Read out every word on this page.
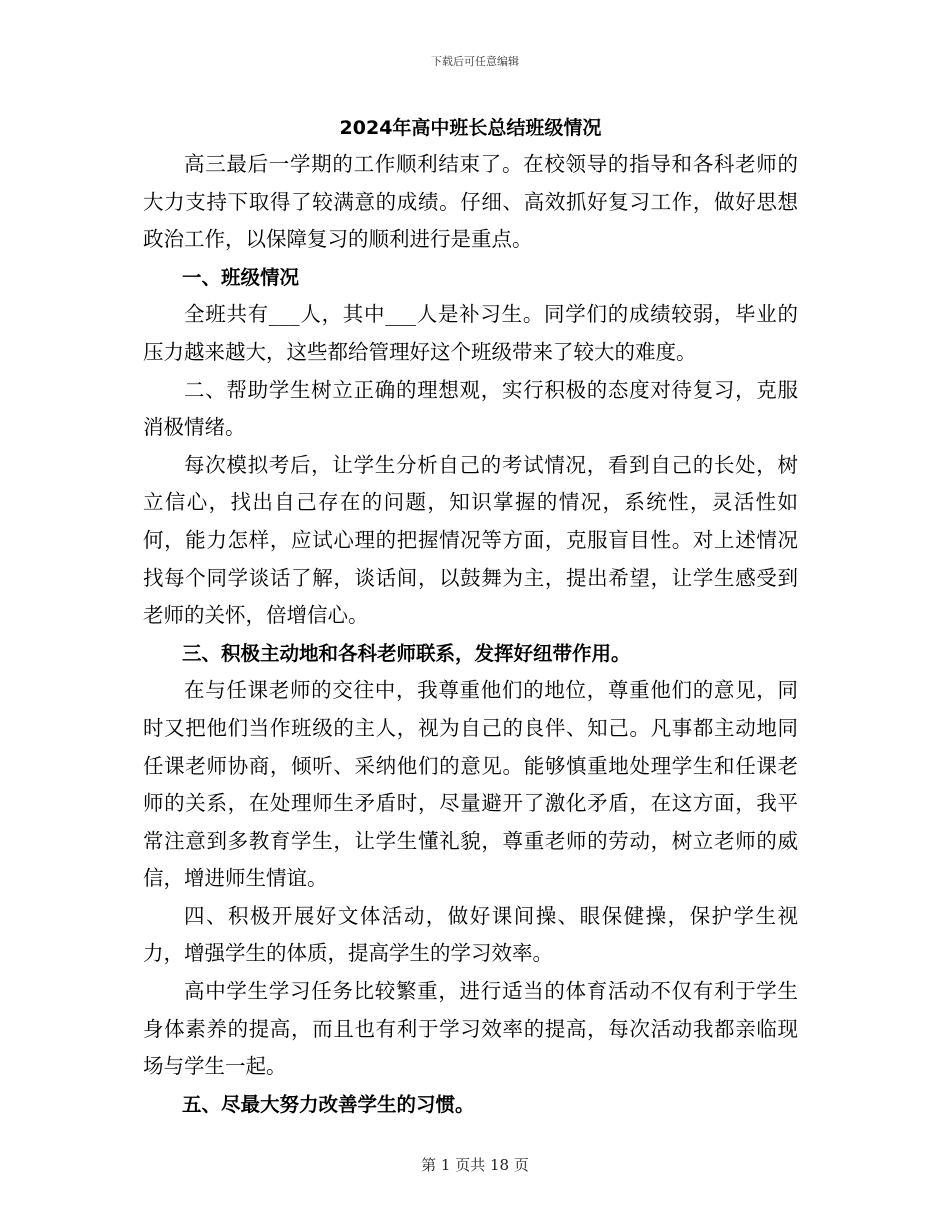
下载后可任意编辑
2024年高中班长总结班级情况

高三最后一学期的工作顺利结束了。在校领导的指导和各科老师的大力支持下取得了较满意的成绩。仔细、高效抓好复习工作，做好思想政治工作，以保障复习的顺利进行是重点。

一、班级情况

全班共有___人，其中___人是补习生。同学们的成绩较弱，毕业的压力越来越大，这些都给管理好这个班级带来了较大的难度。

二、帮助学生树立正确的理想观，实行积极的态度对待复习，克服消极情绪。

每次模拟考后，让学生分析自己的考试情况，看到自己的长处，树立信心，找出自己存在的问题，知识掌握的情况，系统性，灵活性如何，能力怎样，应试心理的把握情况等方面，克服盲目性。对上述情况找每个同学谈话了解，谈话间，以鼓舞为主，提出希望，让学生感受到老师的关怀，倍增信心。

三、积极主动地和各科老师联系，发挥好纽带作用。

在与任课老师的交往中，我尊重他们的地位，尊重他们的意见，同时又把他们当作班级的主人，视为自己的良伴、知己。凡事都主动地同任课老师协商，倾听、采纳他们的意见。能够慎重地处理学生和任课老师的关系，在处理师生矛盾时，尽量避开了激化矛盾，在这方面，我平常注意到多教育学生，让学生懂礼貌，尊重老师的劳动，树立老师的威信，增进师生情谊。

四、积极开展好文体活动，做好课间操、眼保健操，保护学生视力，增强学生的体质，提高学生的学习效率。

高中学生学习任务比较繁重，进行适当的体育活动不仅有利于学生身体素养的提高，而且也有利于学习效率的提高，每次活动我都亲临现场与学生一起。

五、尽最大努力改善学生的习惯。

第 1 页共 18 页
